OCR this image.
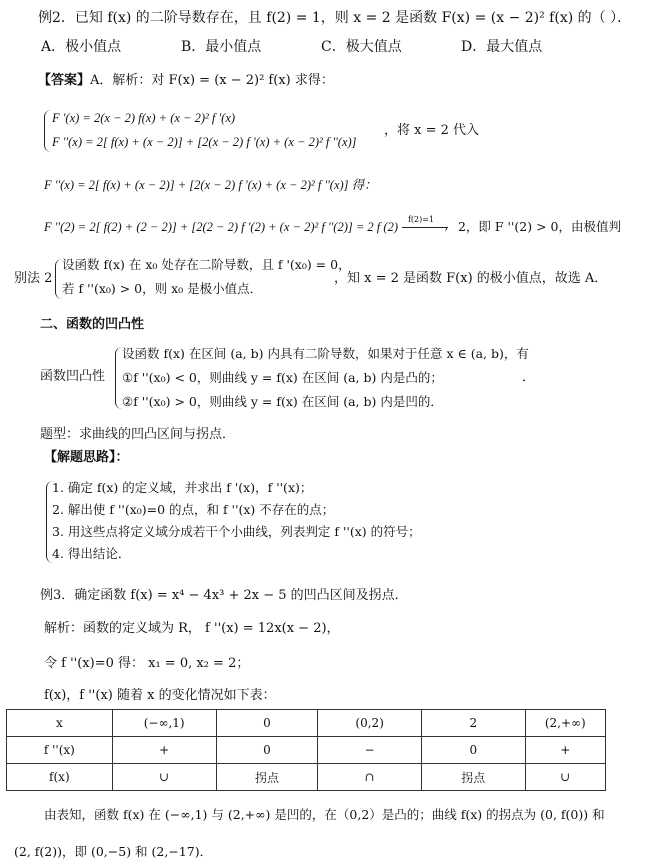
例2．已知 f(x) 的二阶导数存在，且 f(2) = 1，则 x = 2 是函数 F(x) = (x − 2)² f(x) 的（ ）．
A．极小值点	B．最小值点	C．极大值点	D．最大值点
【答案】A．解析：对 F(x) = (x − 2)² f(x) 求得：
F '(x) = 2(x − 2) f(x) + (x − 2)² f '(x)
F ''(x) = 2[ f(x) + (x − 2)] + [2(x − 2) f '(x) + (x − 2)² f ''(x)]
，将 x = 2 代入
F ''(x) = 2[ f(x) + (x − 2)] + [2(x − 2) f '(x) + (x − 2)² f ''(x)] 得：
F ''(2) = 2[ f(2) + (2 − 2)] + [2(2 − 2) f '(2) + (x − 2)² f ''(2)] = 2 f (2)
f(2)=1
› 2，即 F ''(2) > 0，由极值判
别法 2
设函数 f(x) 在 x₀ 处存在二阶导数，且 f '(x₀) = 0，
若 f ''(x₀) > 0，则 x₀ 是极小值点．
，知 x = 2 是函数 F(x) 的极小值点，故选 A．
二、函数的凹凸性
函数凹凸性
设函数 f(x) 在区间 (a, b) 内具有二阶导数，如果对于任意 x ∈ (a, b)，有
①f ''(x₀) < 0，则曲线 y = f(x) 在区间 (a, b) 内是凸的；
②f ''(x₀) > 0，则曲线 y = f(x) 在区间 (a, b) 内是凹的．
．
题型：求曲线的凹凸区间与拐点．
【解题思路】：
1. 确定 f(x) 的定义域，并求出 f '(x)，f ''(x)；
2. 解出使 f ''(x₀)=0 的点，和 f ''(x) 不存在的点；
3. 用这些点将定义域分成若干个小曲线，列表判定 f ''(x) 的符号；
4. 得出结论．
例3．确定函数 f(x) = x⁴ − 4x³ + 2x − 5 的凹凸区间及拐点．
解析：函数的定义域为 R， f ''(x) = 12x(x − 2)，
令 f ''(x)=0 得： x₁ = 0, x₂ = 2；
f(x)，f ''(x) 随着 x 的变化情况如下表：
x	(−∞,1)	0	(0,2)	2	(2,+∞)
f ''(x)	+	0	−	0	+
f(x)	∪	拐点	∩	拐点	∪
由表知，函数 f(x) 在 (−∞,1) 与 (2,+∞) 是凹的，在（0,2）是凸的；曲线 f(x) 的拐点为 (0, f(0)) 和
(2, f(2))，即 (0,−5) 和 (2,−17)．
